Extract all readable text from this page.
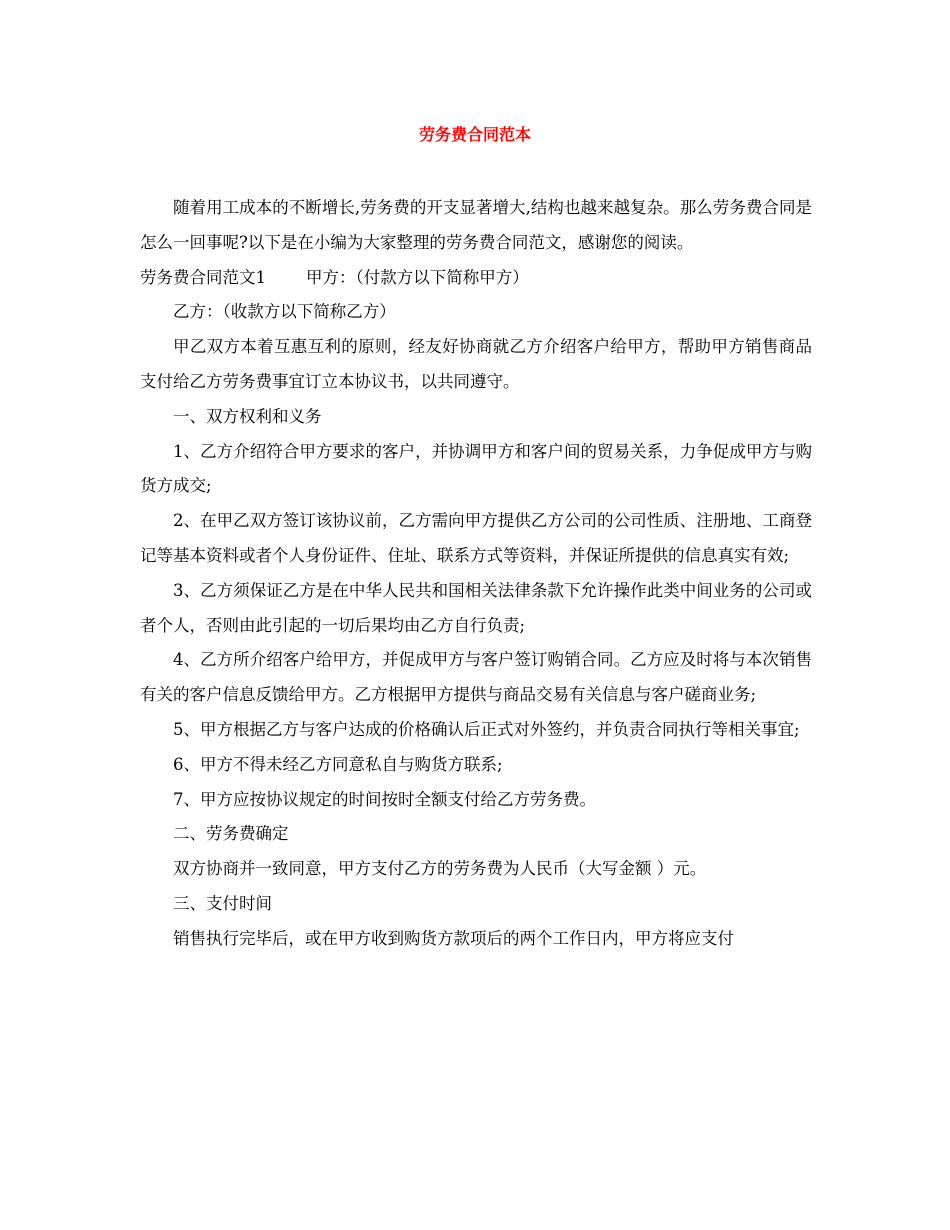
劳务费合同范本

随着用工成本的不断增长,劳务费的开支显著增大,结构也越来越复杂。那么劳务费合同是怎么一回事呢?以下是在小编为大家整理的劳务费合同范文，感谢您的阅读。

劳务费合同范文1 甲方：（付款方以下简称甲方）

乙方：（收款方以下简称乙方）

甲乙双方本着互惠互利的原则，经友好协商就乙方介绍客户给甲方，帮助甲方销售商品支付给乙方劳务费事宜订立本协议书，以共同遵守。

一、双方权利和义务

1、乙方介绍符合甲方要求的客户，并协调甲方和客户间的贸易关系，力争促成甲方与购货方成交;

2、在甲乙双方签订该协议前，乙方需向甲方提供乙方公司的公司性质、注册地、工商登记等基本资料或者个人身份证件、住址、联系方式等资料，并保证所提供的信息真实有效;

3、乙方须保证乙方是在中华人民共和国相关法律条款下允许操作此类中间业务的公司或者个人，否则由此引起的一切后果均由乙方自行负责;

4、乙方所介绍客户给甲方，并促成甲方与客户签订购销合同。乙方应及时将与本次销售有关的客户信息反馈给甲方。乙方根据甲方提供与商品交易有关信息与客户磋商业务;

5、甲方根据乙方与客户达成的价格确认后正式对外签约，并负责合同执行等相关事宜;

6、甲方不得未经乙方同意私自与购货方联系;

7、甲方应按协议规定的时间按时全额支付给乙方劳务费。

二、劳务费确定

双方协商并一致同意，甲方支付乙方的劳务费为人民币（大写金额 ）元。

三、支付时间

销售执行完毕后，或在甲方收到购货方款项后的两个工作日内，甲方将应支付
